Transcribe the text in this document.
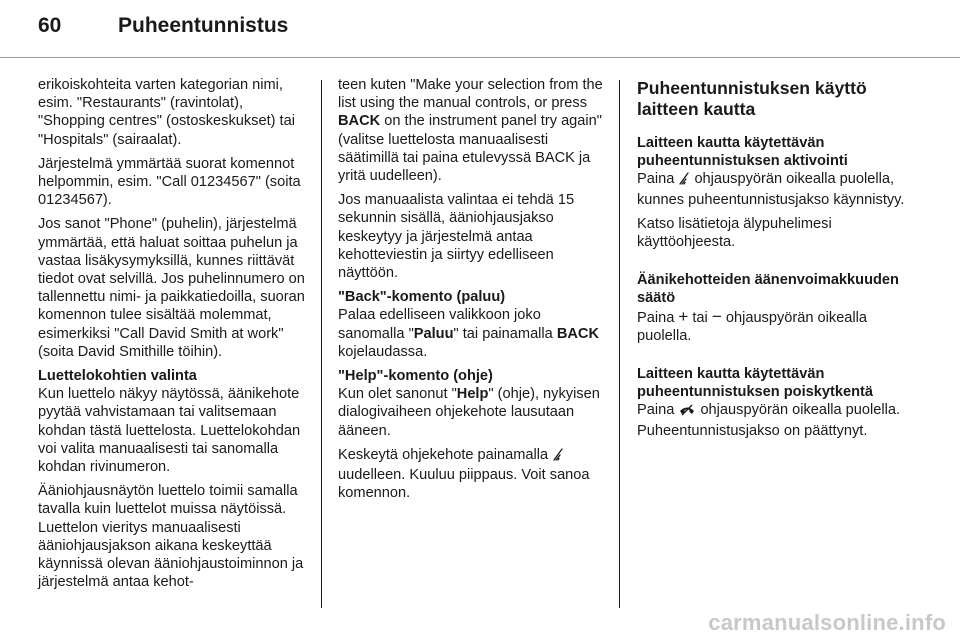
60	Puheentunnistus

erikoiskohteita varten kategorian nimi, esim. "Restaurants" (ravintolat), "Shopping centres" (ostoskeskukset) tai "Hospitals" (sairaalat).

Järjestelmä ymmärtää suorat komennot helpommin, esim. "Call 01234567" (soita 01234567).

Jos sanot "Phone" (puhelin), järjestelmä ymmärtää, että haluat soittaa puhelun ja vastaa lisäkysymyksillä, kunnes riittävät tiedot ovat selvillä. Jos puhelinnumero on tallennettu nimi- ja paikkatiedoilla, suoran komennon tulee sisältää molemmat, esimerkiksi "Call David Smith at work" (soita David Smithille töihin).

Luettelokohtien valinta
Kun luettelo näkyy näytössä, äänikehote pyytää vahvistamaan tai valitsemaan kohdan tästä luettelosta. Luettelokohdan voi valita manuaalisesti tai sanomalla kohdan rivinumeron.

Ääniohjausnäytön luettelo toimii samalla tavalla kuin luettelot muissa näytöissä. Luettelon vieritys manuaalisesti ääniohjausjakson aikana keskeyttää käynnissä olevan ääniohjaustoiminnon ja järjestelmä antaa kehot-

teen kuten "Make your selection from the list using the manual controls, or press BACK on the instrument panel try again" (valitse luettelosta manuaalisesti säätimillä tai paina etulevyssä BACK ja yritä uudelleen).

Jos manuaalista valintaa ei tehdä 15 sekunnin sisällä, ääniohjausjakso keskeytyy ja järjestelmä antaa kehotteviestin ja siirtyy edelliseen näyttöön.

"Back"-komento (paluu)
Palaa edelliseen valikkoon joko sanomalla "Paluu" tai painamalla BACK kojelaudassa.

"Help"-komento (ohje)
Kun olet sanonut "Help" (ohje), nykyisen dialogivaiheen ohjekehote lausutaan ääneen.

Keskeytä ohjekehote painamalla  uudelleen. Kuuluu piippaus. Voit sanoa komennon.

Puheentunnistuksen käyttö laitteen kautta

Laitteen kautta käytettävän puheentunnistuksen aktivointi

Paina  ohjauspyörän oikealla puolella, kunnes puheentunnistusjakso käynnistyy.

Katso lisätietoja älypuhelimesi käyttöohjeesta.

Äänikehotteiden äänenvoimakkuuden säätö

Paina + tai − ohjauspyörän oikealla puolella.

Laitteen kautta käytettävän puheentunnistuksen poiskytkentä

Paina  ohjauspyörän oikealla puolella. Puheentunnistusjakso on päättynyt.

carmanualsonline.info
